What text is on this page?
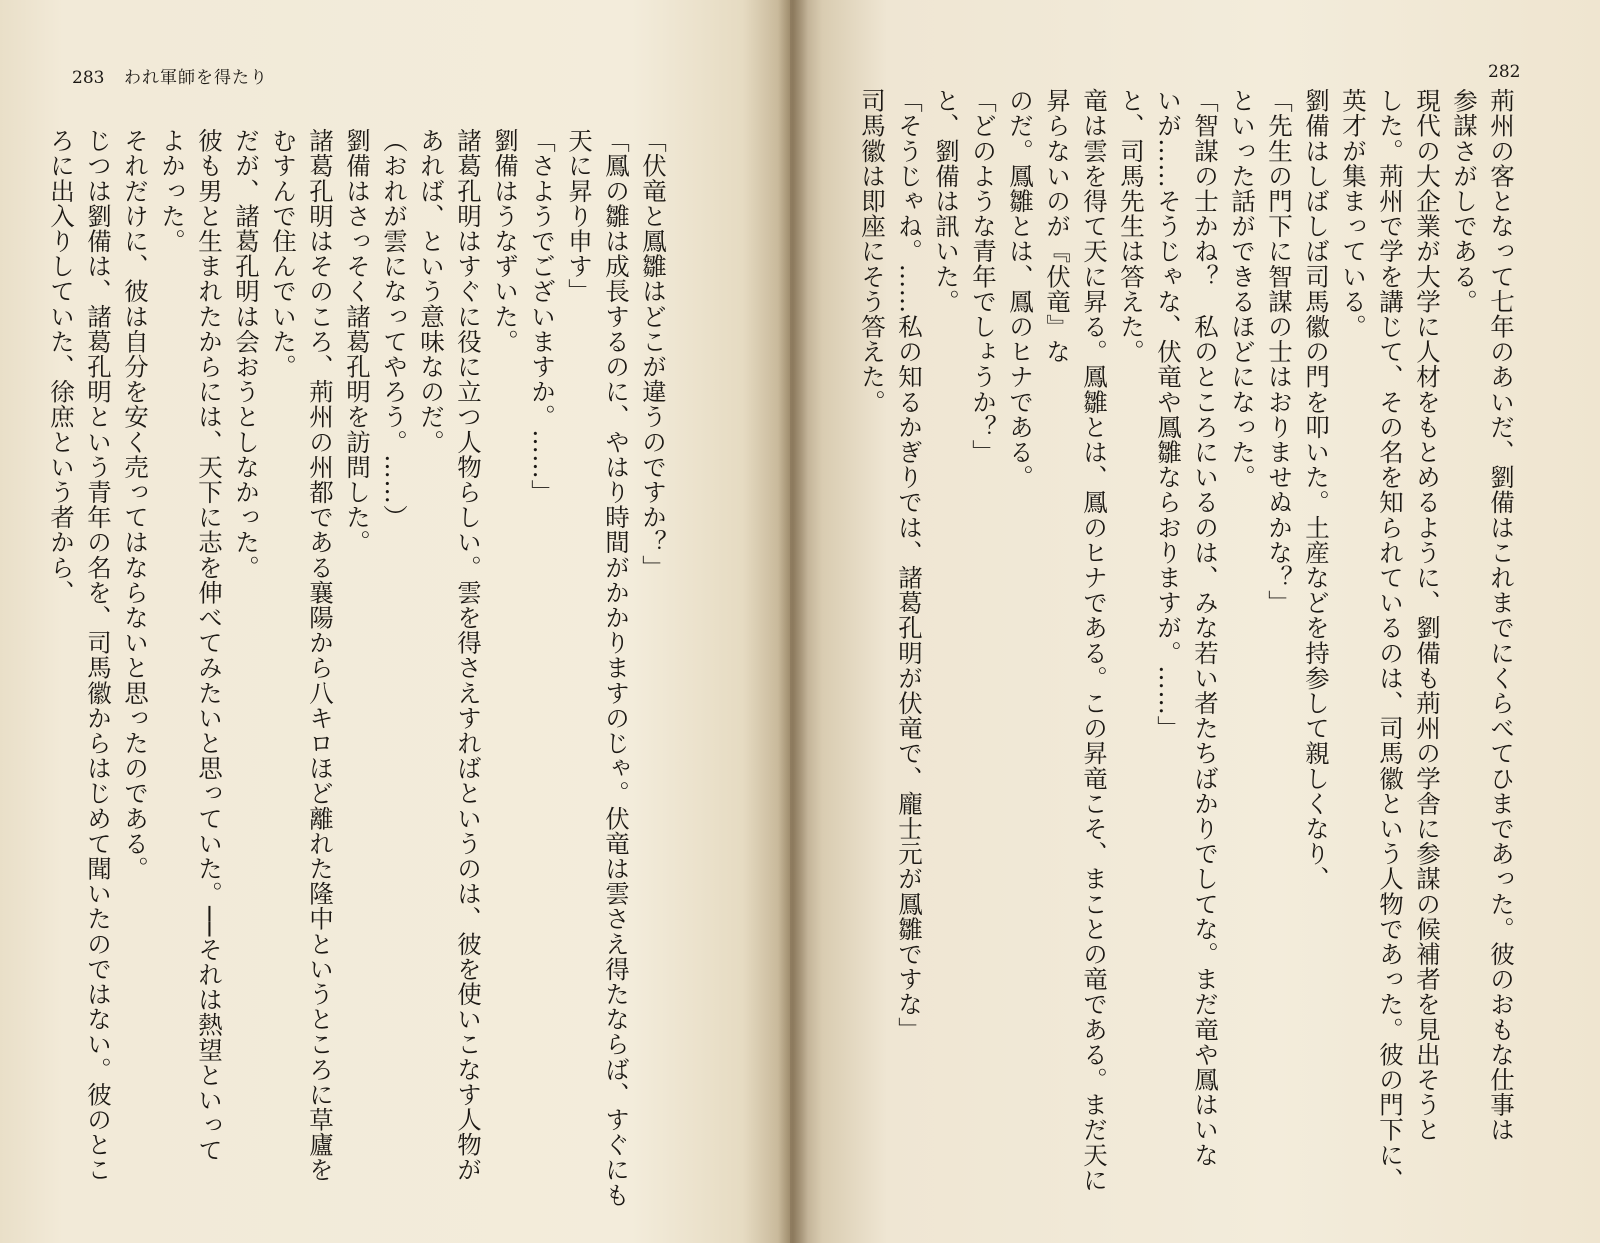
283 われ軍師を得たり
「伏竜と鳳雛はどこが違うのですか？」
「鳳の雛は成長するのに、やはり時間がかかりますのじゃ。伏竜は雲さえ得たならば、すぐにも
天に昇り申す」
「さようでございますか。……」
劉備はうなずいた。
諸葛孔明はすぐに役に立つ人物らしい。雲を得さえすればというのは、彼を使いこなす人物が
あれば、という意味なのだ。
（おれが雲になってやろう。……）
劉備はさっそく諸葛孔明を訪問した。
諸葛孔明はそのころ、荊州の州都である襄陽から八キロほど離れた隆中というところに草廬を
むすんで住んでいた。
だが、諸葛孔明は会おうとしなかった。
彼も男と生まれたからには、天下に志を伸べてみたいと思っていた。──それは熱望といって
よかった。
それだけに、彼は自分を安く売ってはならないと思ったのである。
じつは劉備は、諸葛孔明という青年の名を、司馬徽からはじめて聞いたのではない。彼のとこ
ろに出入りしていた、徐庶という者から、
282
荊州の客となって七年のあいだ、劉備はこれまでにくらべてひまであった。彼のおもな仕事は
参謀さがしである。
現代の大企業が大学に人材をもとめるように、劉備も荊州の学舎に参謀の候補者を見出そうと
した。荊州で学を講じて、その名を知られているのは、司馬徽という人物であった。彼の門下に、
英才が集まっている。
劉備はしばしば司馬徽の門を叩いた。土産などを持参して親しくなり、
「先生の門下に智謀の士はおりませぬかな？」
といった話ができるほどになった。
「智謀の士かね？　私のところにいるのは、みな若い者たちばかりでしてな。まだ竜や鳳はいな
いが……そうじゃな、伏竜や鳳雛ならおりますが。……」
と、司馬先生は答えた。
竜は雲を得て天に昇る。鳳雛とは、鳳のヒナである。この昇竜こそ、まことの竜である。まだ天に昇らないのが『伏竜』な
のだ。鳳雛とは、鳳のヒナである。
「どのような青年でしょうか？」
と、劉備は訊いた。
「そうじゃね。……私の知るかぎりでは、諸葛孔明が伏竜で、龐士元が鳳雛ですな」
司馬徽は即座にそう答えた。
